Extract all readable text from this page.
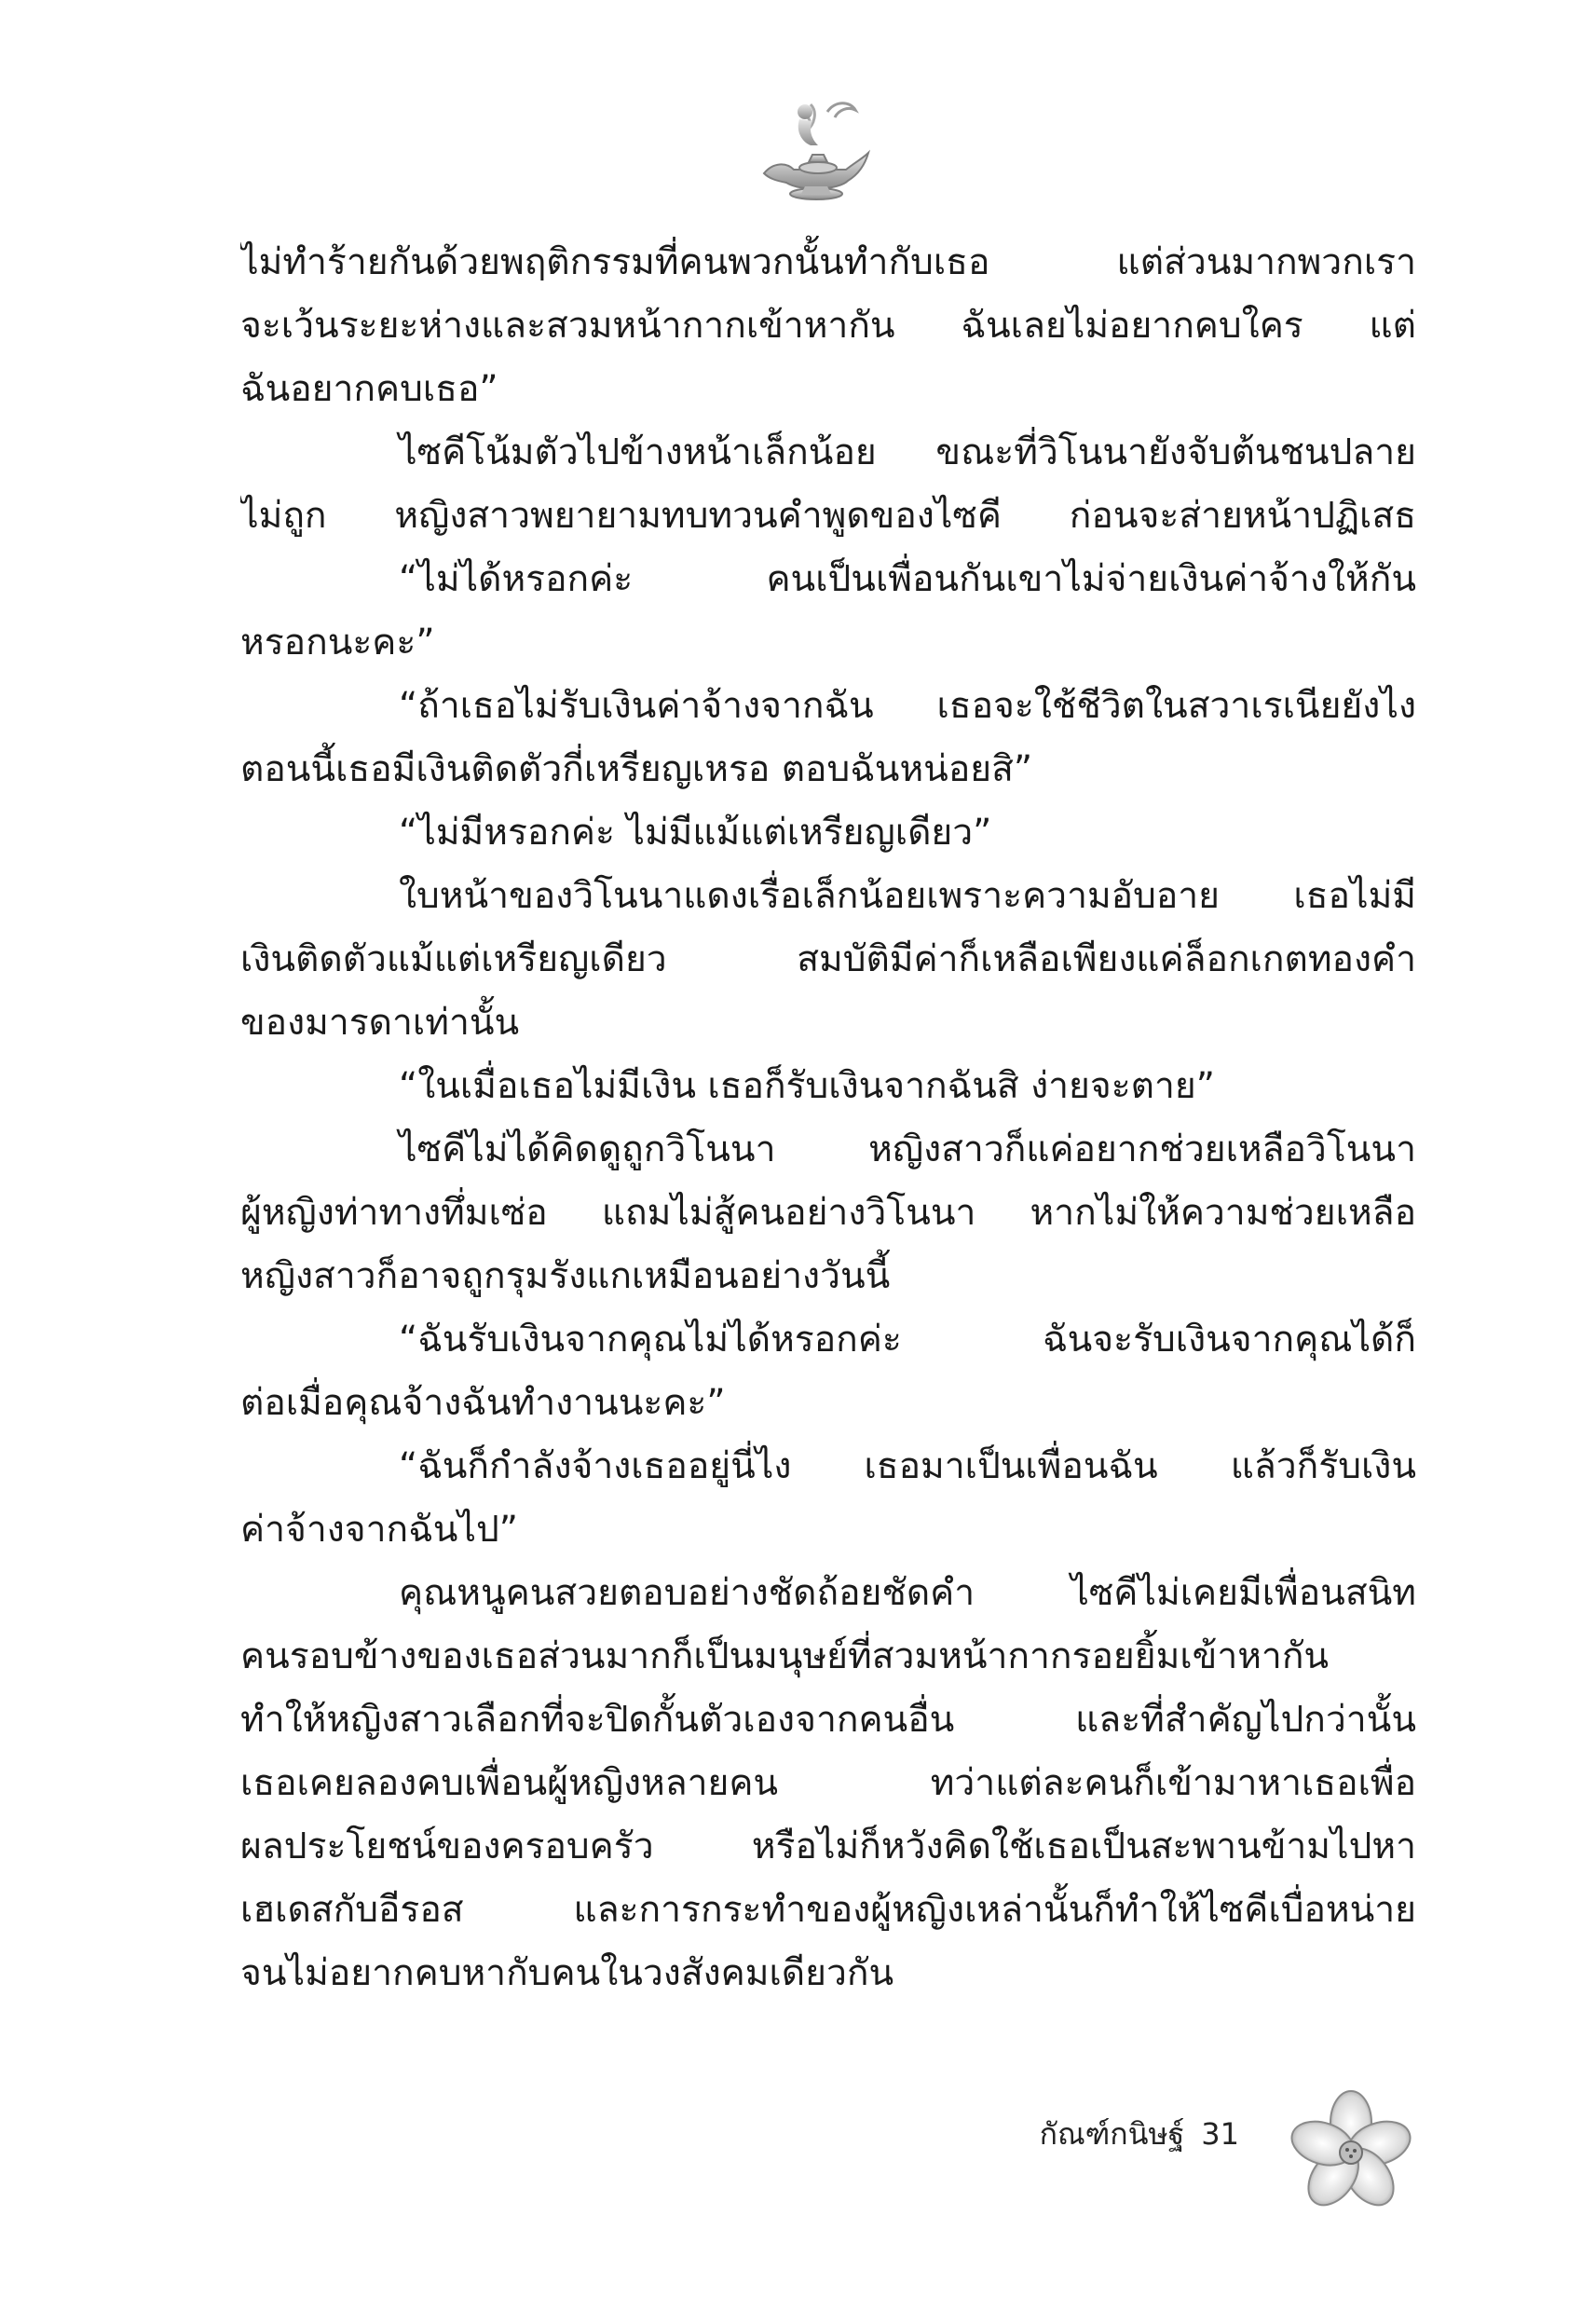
ไม่ทำร้ายกันด้วยพฤติกรรมที่คนพวกนั้นทำกับเธอ แต่ส่วนมากพวกเรา
จะเว้นระยะห่างและสวมหน้ากากเข้าหากัน ฉันเลยไม่อยากคบใคร แต่
ฉันอยากคบเธอ”
ไซคีโน้มตัวไปข้างหน้าเล็กน้อย ขณะที่วิโนนายังจับต้นชนปลาย
ไม่ถูก หญิงสาวพยายามทบทวนคำพูดของไซคี ก่อนจะส่ายหน้าปฏิเสธ
“ไม่ได้หรอกค่ะ คนเป็นเพื่อนกันเขาไม่จ่ายเงินค่าจ้างให้กัน
หรอกนะคะ”
“ถ้าเธอไม่รับเงินค่าจ้างจากฉัน เธอจะใช้ชีวิตในสวาเรเนียยังไง
ตอนนี้เธอมีเงินติดตัวกี่เหรียญเหรอ ตอบฉันหน่อยสิ”
“ไม่มีหรอกค่ะ ไม่มีแม้แต่เหรียญเดียว”
ใบหน้าของวิโนนาแดงเรื่อเล็กน้อยเพราะความอับอาย เธอไม่มี
เงินติดตัวแม้แต่เหรียญเดียว สมบัติมีค่าก็เหลือเพียงแค่ล็อกเกตทองคำ
ของมารดาเท่านั้น
“ในเมื่อเธอไม่มีเงิน เธอก็รับเงินจากฉันสิ ง่ายจะตาย”
ไซคีไม่ได้คิดดูถูกวิโนนา หญิงสาวก็แค่อยากช่วยเหลือวิโนนา
ผู้หญิงท่าทางทึ่มเซ่อ แถมไม่สู้คนอย่างวิโนนา หากไม่ให้ความช่วยเหลือ
หญิงสาวก็อาจถูกรุมรังแกเหมือนอย่างวันนี้
“ฉันรับเงินจากคุณไม่ได้หรอกค่ะ ฉันจะรับเงินจากคุณได้ก็
ต่อเมื่อคุณจ้างฉันทำงานนะคะ”
“ฉันก็กำลังจ้างเธออยู่นี่ไง เธอมาเป็นเพื่อนฉัน แล้วก็รับเงิน
ค่าจ้างจากฉันไป”
คุณหนูคนสวยตอบอย่างชัดถ้อยชัดคำ ไซคีไม่เคยมีเพื่อนสนิท
คนรอบข้างของเธอส่วนมากก็เป็นมนุษย์ที่สวมหน้ากากรอยยิ้มเข้าหากัน
ทำให้หญิงสาวเลือกที่จะปิดกั้นตัวเองจากคนอื่น และที่สำคัญไปกว่านั้น
เธอเคยลองคบเพื่อนผู้หญิงหลายคน ทว่าแต่ละคนก็เข้ามาหาเธอเพื่อ
ผลประโยชน์ของครอบครัว หรือไม่ก็หวังคิดใช้เธอเป็นสะพานข้ามไปหา
เฮเดสกับอีรอส และการกระทำของผู้หญิงเหล่านั้นก็ทำให้ไซคีเบื่อหน่าย
จนไม่อยากคบหากับคนในวงสังคมเดียวกัน
กัณฑ์กนิษฐ์ 31
